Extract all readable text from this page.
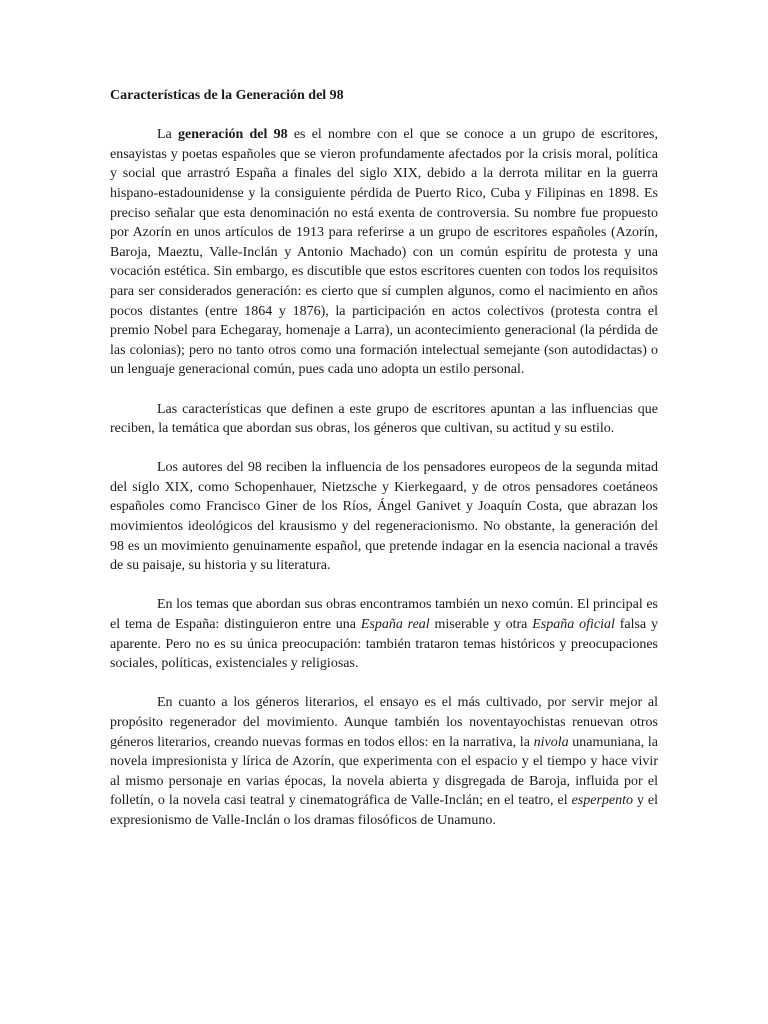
Características de la Generación del 98

La generación del 98 es el nombre con el que se conoce a un grupo de escritores, ensayistas y poetas españoles que se vieron profundamente afectados por la crisis moral, política y social que arrastró España a finales del siglo XIX, debido a la derrota militar en la guerra hispano-estadounidense y la consiguiente pérdida de Puerto Rico, Cuba y Filipinas en 1898. Es preciso señalar que esta denominación no está exenta de controversia. Su nombre fue propuesto por Azorín en unos artículos de 1913 para referirse a un grupo de escritores españoles (Azorín, Baroja, Maeztu, Valle-Inclán y Antonio Machado) con un común espíritu de protesta y una vocación estética. Sin embargo, es discutible que estos escritores cuenten con todos los requisitos para ser considerados generación: es cierto que sí cumplen algunos, como el nacimiento en años pocos distantes (entre 1864 y 1876), la participación en actos colectivos (protesta contra el premio Nobel para Echegaray, homenaje a Larra), un acontecimiento generacional (la pérdida de las colonias); pero no tanto otros como una formación intelectual semejante (son autodidactas) o un lenguaje generacional común, pues cada uno adopta un estilo personal.

Las características que definen a este grupo de escritores apuntan a las influencias que reciben, la temática que abordan sus obras, los géneros que cultivan, su actitud y su estilo.

Los autores del 98 reciben la influencia de los pensadores europeos de la segunda mitad del siglo XIX, como Schopenhauer, Nietzsche y Kierkegaard, y de otros pensadores coetáneos españoles como Francisco Giner de los Ríos, Ángel Ganivet y Joaquín Costa, que abrazan los movimientos ideológicos del krausismo y del regeneracionismo. No obstante, la generación del 98 es un movimiento genuinamente español, que pretende indagar en la esencia nacional a través de su paisaje, su historia y su literatura.

En los temas que abordan sus obras encontramos también un nexo común. El principal es el tema de España: distinguieron entre una España real miserable y otra España oficial falsa y aparente. Pero no es su única preocupación: también trataron temas históricos y preocupaciones sociales, políticas, existenciales y religiosas.

En cuanto a los géneros literarios, el ensayo es el más cultivado, por servir mejor al propósito regenerador del movimiento. Aunque también los noventayochistas renuevan otros géneros literarios, creando nuevas formas en todos ellos: en la narrativa, la nivola unamuniana, la novela impresionista y lírica de Azorín, que experimenta con el espacio y el tiempo y hace vivir al mismo personaje en varias épocas, la novela abierta y disgregada de Baroja, influida por el folletín, o la novela casi teatral y cinematográfica de Valle-Inclán; en el teatro, el esperpento y el expresionismo de Valle-Inclán o los dramas filosóficos de Unamuno.
